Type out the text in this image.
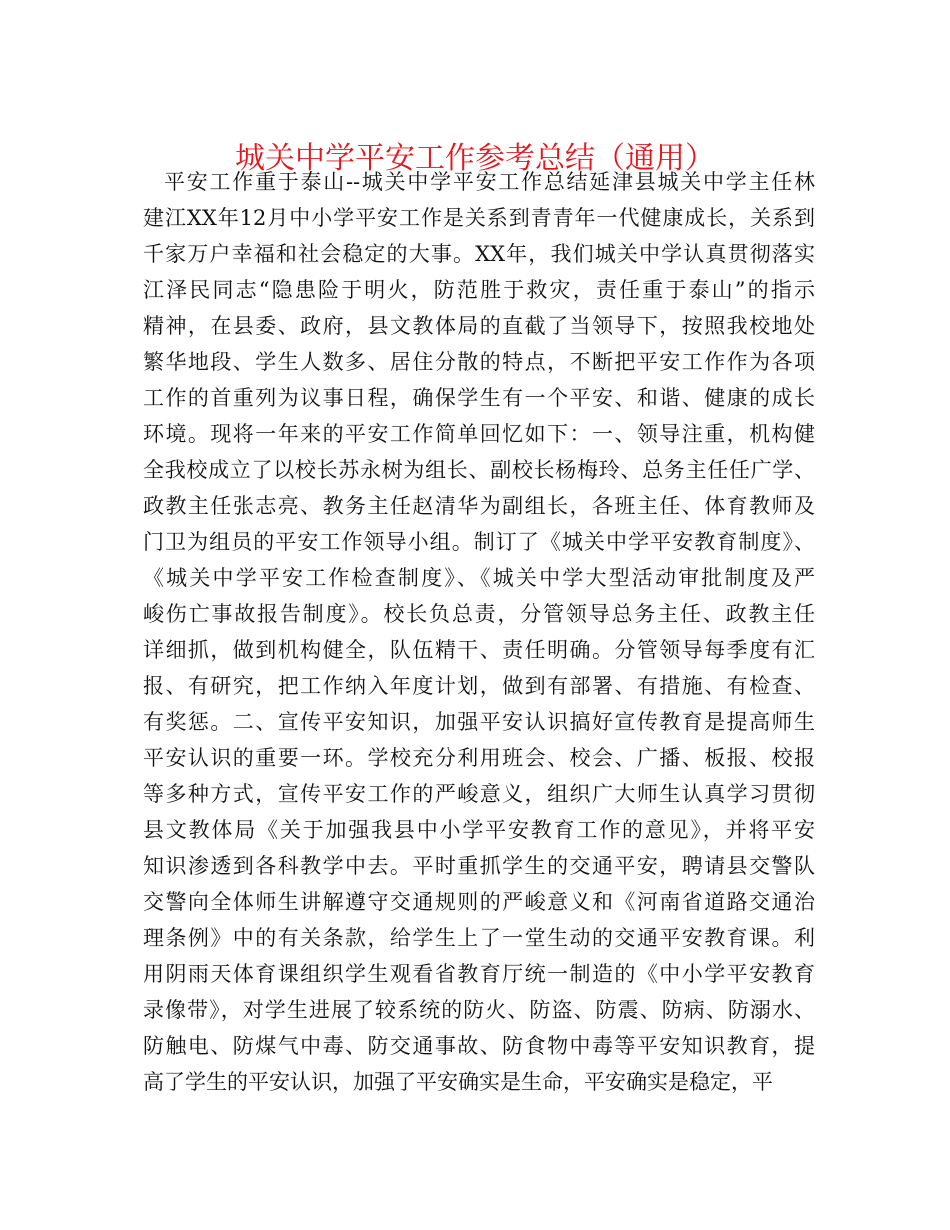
城关中学平安工作参考总结（通用）
平安工作重于泰山--城关中学平安工作总结延津县城关中学主任林
建江XX年12月中小学平安工作是关系到青青年一代健康成长，关系到
千家万户幸福和社会稳定的大事。XX年，我们城关中学认真贯彻落实
江泽民同志“隐患险于明火，防范胜于救灾，责任重于泰山”的指示
精神，在县委、政府，县文教体局的直截了当领导下，按照我校地处
繁华地段、学生人数多、居住分散的特点，不断把平安工作作为各项
工作的首重列为议事日程，确保学生有一个平安、和谐、健康的成长
环境。现将一年来的平安工作简单回忆如下：一、领导注重，机构健
全我校成立了以校长苏永树为组长、副校长杨梅玲、总务主任任广学、
政教主任张志亮、教务主任赵清华为副组长，各班主任、体育教师及
门卫为组员的平安工作领导小组。制订了《城关中学平安教育制度》、
《城关中学平安工作检查制度》、《城关中学大型活动审批制度及严
峻伤亡事故报告制度》。校长负总责，分管领导总务主任、政教主任
详细抓，做到机构健全，队伍精干、责任明确。分管领导每季度有汇
报、有研究，把工作纳入年度计划，做到有部署、有措施、有检查、
有奖惩。二、宣传平安知识，加强平安认识搞好宣传教育是提高师生
平安认识的重要一环。学校充分利用班会、校会、广播、板报、校报
等多种方式，宣传平安工作的严峻意义，组织广大师生认真学习贯彻
县文教体局《关于加强我县中小学平安教育工作的意见》，并将平安
知识渗透到各科教学中去。平时重抓学生的交通平安，聘请县交警队
交警向全体师生讲解遵守交通规则的严峻意义和《河南省道路交通治
理条例》中的有关条款，给学生上了一堂生动的交通平安教育课。利
用阴雨天体育课组织学生观看省教育厅统一制造的《中小学平安教育
录像带》，对学生进展了较系统的防火、防盗、防震、防病、防溺水、
防触电、防煤气中毒、防交通事故、防食物中毒等平安知识教育，提
高了学生的平安认识，加强了平安确实是生命，平安确实是稳定，平
